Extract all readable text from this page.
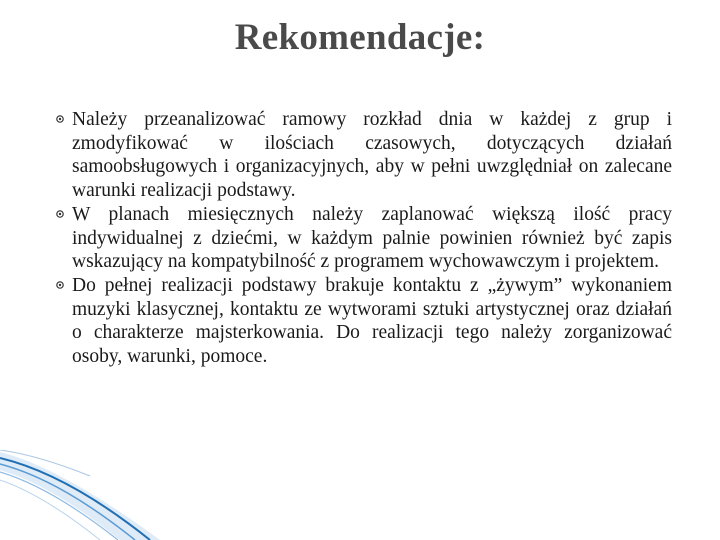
Rekomendacje:
Należy przeanalizować ramowy rozkład dnia w każdej z grup i zmodyfikować w ilościach czasowych, dotyczących działań samoobsługowych i organizacyjnych, aby w pełni uwzględniał on zalecane warunki realizacji podstawy.
W planach miesięcznych należy zaplanować większą ilość pracy indywidualnej z dziećmi, w każdym palnie powinien również być zapis wskazujący na kompatybilność z programem wychowawczym i projektem.
Do pełnej realizacji podstawy brakuje kontaktu z „żywym” wykonaniem muzyki klasycznej, kontaktu ze wytworami sztuki artystycznej oraz działań o charakterze majsterkowania. Do realizacji tego należy zorganizować osoby, warunki, pomoce.
